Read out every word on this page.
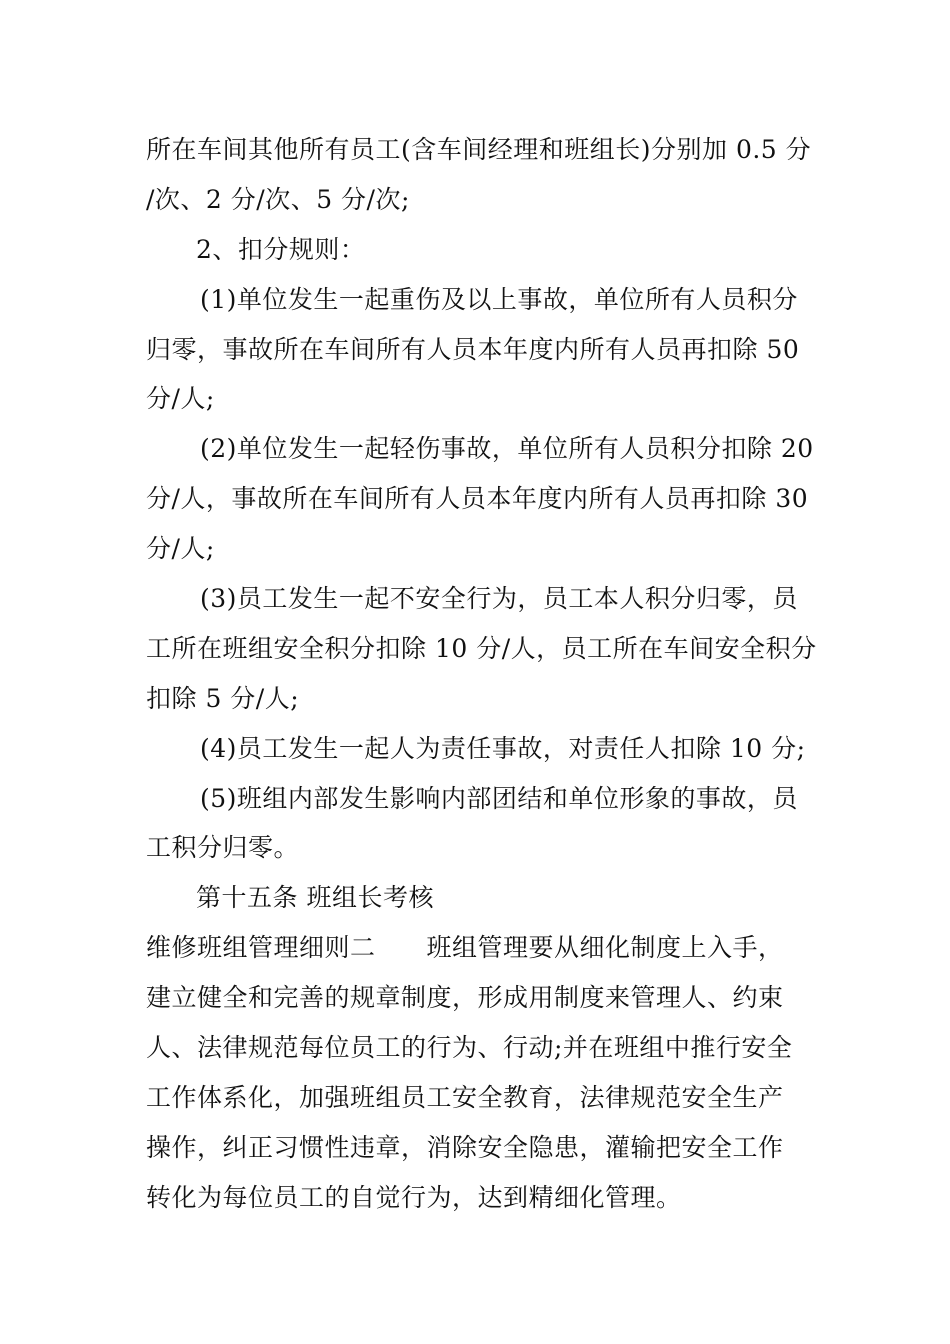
所在车间其他所有员工(含车间经理和班组长)分别加 0.5 分
/次、2 分/次、5 分/次;
2、扣分规则：
(1)单位发生一起重伤及以上事故，单位所有人员积分
归零，事故所在车间所有人员本年度内所有人员再扣除 50
分/人;
(2)单位发生一起轻伤事故，单位所有人员积分扣除 20
分/人，事故所在车间所有人员本年度内所有人员再扣除 30
分/人;
(3)员工发生一起不安全行为，员工本人积分归零，员
工所在班组安全积分扣除 10 分/人，员工所在车间安全积分
扣除 5 分/人;
(4)员工发生一起人为责任事故，对责任人扣除 10 分;
(5)班组内部发生影响内部团结和单位形象的事故，员
工积分归零。
第十五条 班组长考核
维修班组管理细则二　　班组管理要从细化制度上入手，
建立健全和完善的规章制度，形成用制度来管理人、约束
人、法律规范每位员工的行为、行动;并在班组中推行安全
工作体系化，加强班组员工安全教育，法律规范安全生产
操作，纠正习惯性违章，消除安全隐患，灌输把安全工作
转化为每位员工的自觉行为，达到精细化管理。
